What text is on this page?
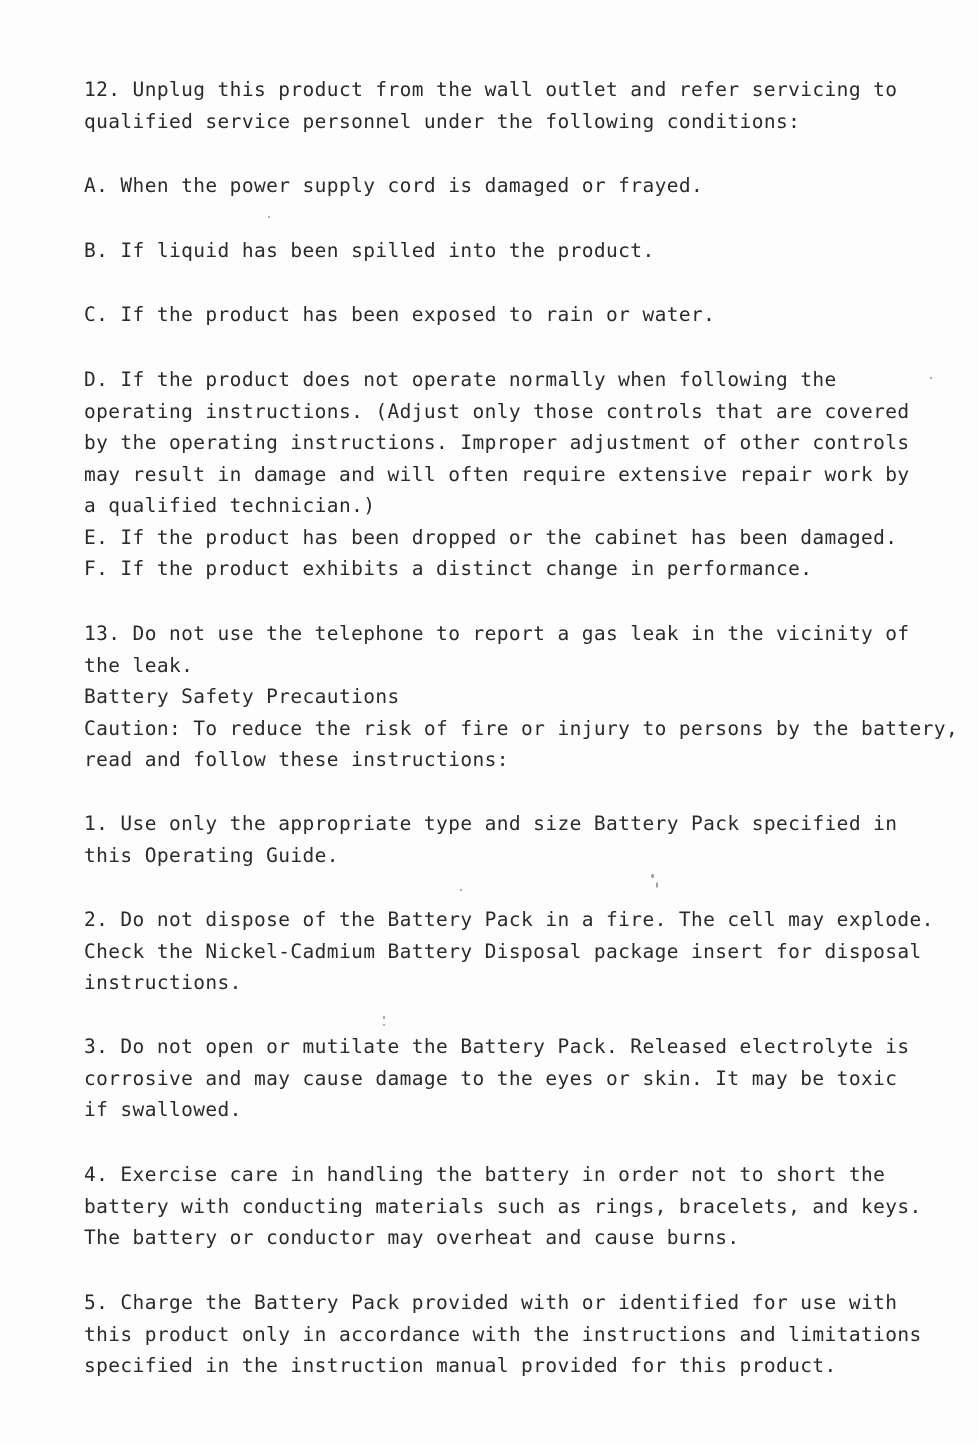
12. Unplug this product from the wall outlet and refer servicing to
qualified service personnel under the following conditions:
A. When the power supply cord is damaged or frayed.
B. If liquid has been spilled into the product.
C. If the product has been exposed to rain or water.
D. If the product does not operate normally when following the
operating instructions. (Adjust only those controls that are covered
by the operating instructions. Improper adjustment of other controls
may result in damage and will often require extensive repair work by
a qualified technician.)
E. If the product has been dropped or the cabinet has been damaged.
F. If the product exhibits a distinct change in performance.
13. Do not use the telephone to report a gas leak in the vicinity of
the leak.
Battery Safety Precautions
Caution: To reduce the risk of fire or injury to persons by the battery,
read and follow these instructions:
1. Use only the appropriate type and size Battery Pack specified in
this Operating Guide.
2. Do not dispose of the Battery Pack in a fire. The cell may explode.
Check the Nickel-Cadmium Battery Disposal package insert for disposal
instructions.
3. Do not open or mutilate the Battery Pack. Released electrolyte is
corrosive and may cause damage to the eyes or skin. It may be toxic
if swallowed.
4. Exercise care in handling the battery in order not to short the
battery with conducting materials such as rings, bracelets, and keys.
The battery or conductor may overheat and cause burns.
5. Charge the Battery Pack provided with or identified for use with
this product only in accordance with the instructions and limitations
specified in the instruction manual provided for this product.
